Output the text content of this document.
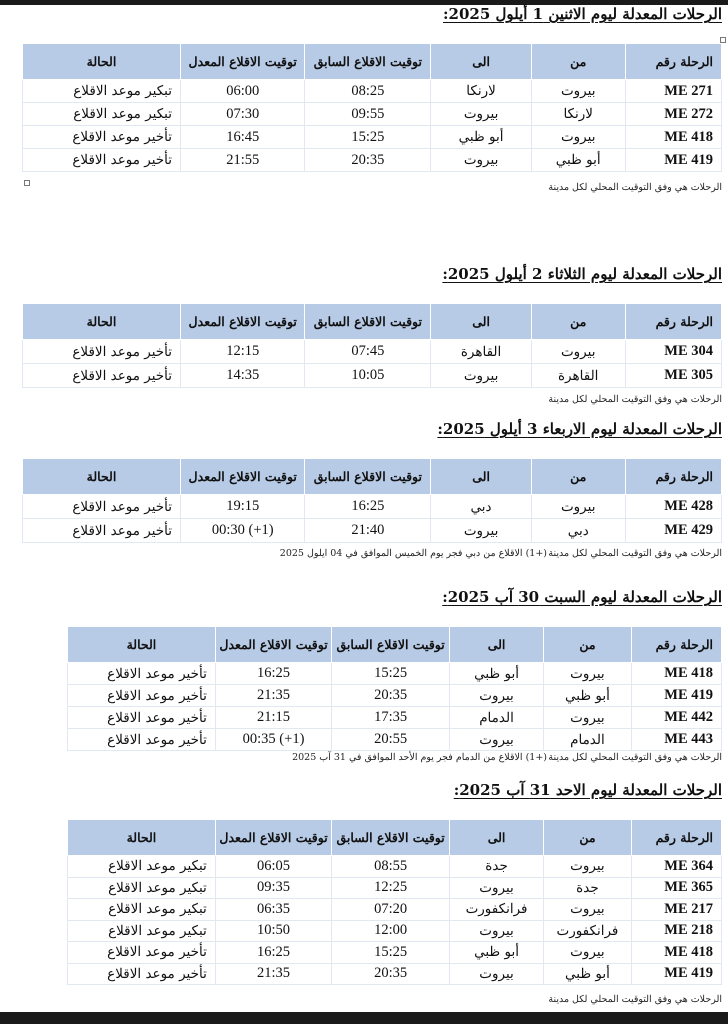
الرحلات المعدلة ليوم الاثنين 1 أيلول 2025:
الرحلة رقم	من	الى	توقيت الاقلاع السابق	توقيت الاقلاع المعدل	الحالة
ME 271	بيروت	لارنكا	08:25	06:00	تبكير موعد الاقلاع
ME 272	لارنكا	بيروت	09:55	07:30	تبكير موعد الاقلاع
ME 418	بيروت	أبو ظبي	15:25	16:45	تأخير موعد الاقلاع
ME 419	أبو ظبي	بيروت	20:35	21:55	تأخير موعد الاقلاع
الرحلات هي وفق التوقيت المحلي لكل مدينة
الرحلات المعدلة ليوم الثلاثاء 2 أيلول 2025:
الرحلة رقم	من	الى	توقيت الاقلاع السابق	توقيت الاقلاع المعدل	الحالة
ME 304	بيروت	القاهرة	07:45	12:15	تأخير موعد الاقلاع
ME 305	القاهرة	بيروت	10:05	14:35	تأخير موعد الاقلاع
الرحلات هي وفق التوقيت المحلي لكل مدينة
الرحلات المعدلة ليوم الاربعاء 3 أيلول 2025:
الرحلة رقم	من	الى	توقيت الاقلاع السابق	توقيت الاقلاع المعدل	الحالة
ME 428	بيروت	دبي	16:25	19:15	تأخير موعد الاقلاع
ME 429	دبي	بيروت	21:40	00:30 (+1)	تأخير موعد الاقلاع
الرحلات هي وفق التوقيت المحلي لكل مدينة
(+1) الاقلاع من دبي فجر يوم الخميس الموافق في 04 ايلول 2025
الرحلات المعدلة ليوم السبت 30 آب 2025:
الرحلة رقم	من	الى	توقيت الاقلاع السابق	توقيت الاقلاع المعدل	الحالة
ME 418	بيروت	أبو ظبي	15:25	16:25	تأخير موعد الاقلاع
ME 419	أبو ظبي	بيروت	20:35	21:35	تأخير موعد الاقلاع
ME 442	بيروت	الدمام	17:35	21:15	تأخير موعد الاقلاع
ME 443	الدمام	بيروت	20:55	00:35 (+1)	تأخير موعد الاقلاع
الرحلات هي وفق التوقيت المحلي لكل مدينة
(+1) الاقلاع من الدمام فجر يوم الأحد الموافق في 31 آب 2025
الرحلات المعدلة ليوم الاحد 31 آب 2025:
الرحلة رقم	من	الى	توقيت الاقلاع السابق	توقيت الاقلاع المعدل	الحالة
ME 364	بيروت	جدة	08:55	06:05	تبكير موعد الاقلاع
ME 365	جدة	بيروت	12:25	09:35	تبكير موعد الاقلاع
ME 217	بيروت	فرانكفورت	07:20	06:35	تبكير موعد الاقلاع
ME 218	فرانكفورت	بيروت	12:00	10:50	تبكير موعد الاقلاع
ME 418	بيروت	أبو ظبي	15:25	16:25	تأخير موعد الاقلاع
ME 419	أبو ظبي	بيروت	20:35	21:35	تأخير موعد الاقلاع
الرحلات هي وفق التوقيت المحلي لكل مدينة
